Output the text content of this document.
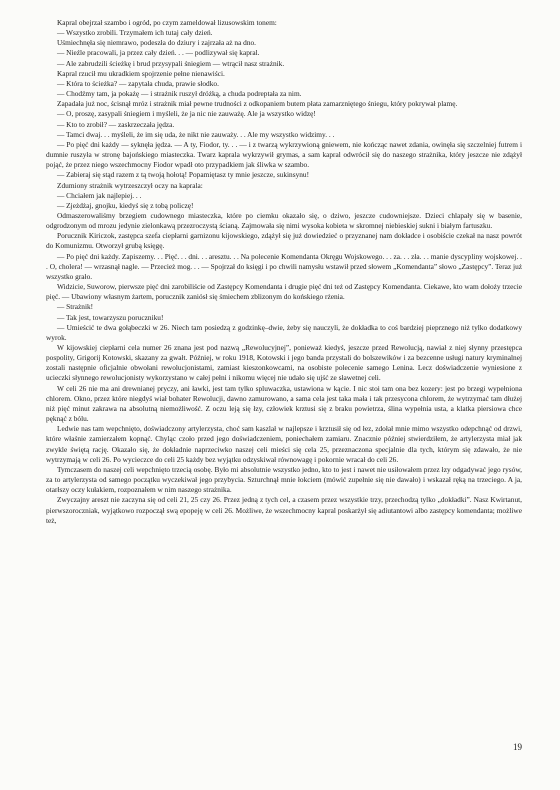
Kapral obejrzał szambo i ogród, po czym zameldował lizusowskim tonem:

— Wszystko zrobili. Trzymałem ich tutaj cały dzień.

Uśmiechnęła się niemrawo, podeszła do dziury i zajrzała aż na dno.

— Nieźle pracowali, ja przez cały dzień. . . — podlizywał się kapral.

— Ale zabrudzili ścieżkę i brud przysypali śniegiem — wtrącił nasz strażnik.

Kapral rzucił mu ukradkiem spojrzenie pełne nienawiści.

— Która to ścieżka? — zapytała chuda, prawie słodko.

— Chodźmy tam, ja pokażę — i strażnik ruszył dróżką, a chuda podreptała za nim.

Zapadała już noc, ścisnął mróz i strażnik miał pewne trudności z odkopaniem butem płata zamarzniętego śniegu, który pokrywał plamę.

— O, proszę, zasypali śniegiem i myśleli, że ja nic nie zauważę. Ale ja wszystko widzę!

— Kto to zrobił? — zaskrzeczała jędza.

— Tamci dwaj. . . myśleli, że im się uda, że nikt nie zauważy. . . Ale my wszystko widzimy. . .

— Po pięć dni każdy — syknęła jędza. — A ty, Fiodor, ty. . . — i z twarzą wykrzywioną gniewem, nie kończąc nawet zdania, owinęła się szczelniej futrem i dumnie ruszyła w stronę bajońskiego miasteczka. Twarz kaprala wykrzywił grymas, a sam kapral odwrócił się do naszego strażnika, który jeszcze nie zdążył pojąć, że przez niego wszechmocny Fiodor wpadł oto przypadkiem jak śliwka w szambo.

— Zabieraj się stąd razem z tą twoją hołotą! Popamiętasz ty mnie jeszcze, sukinsynu!

Zdumiony strażnik wytrzeszczył oczy na kaprala:

— Chciałem jak najlepiej. . .

— Zjeżdżaj, gnojku, kiedyś się z tobą policzę!

Odmaszerowaliśmy brzegiem cudownego miasteczka, które po ciemku okazało się, o dziwo, jeszcze cudowniejsze. Dzieci chlapały się w basenie, odgrodzonym od mrozu jedynie zielonkawą przezroczystą ścianą. Zajmowała się nimi wysoka kobieta w skromnej niebieskiej sukni i białym fartuszku.

Porucznik Kiriczok, zastępca szefa ciepłarni garnizonu kijowskiego, zdążył się już dowiedzieć o przyznanej nam dokładce i osobiście czekał na nasz powrót do Komunizmu. Otworzył grubą księgę.

— Po pięć dni każdy. Zapiszemy. . . Pięć. . . dni. . . aresztu. . . Na polecenie Komendanta Okręgu Wojskowego. . . za. . . zła. . . manie dyscypliny wojskowej. . . O, cholera! — wrzasnął nagle. — Przecież mog. . . — Spojrzał do księgi i po chwili namysłu wstawił przed słowem „Komendanta” słowo „Zastępcy”. Teraz już wszystko grało.

Widzicie, Suworow, pierwsze pięć dni zarobiliście od Zastępcy Komendanta i drugie pięć dni też od Zastępcy Komendanta. Ciekawe, kto wam dołoży trzecie pięć. — Ubawiony własnym żartem, porucznik zaniósł się śmiechem zblizonym do końskiego rżenia.

— Strażnik!

— Tak jest, towarzyszu poruczniku!

— Umieścić te dwa gołąbeczki w 26. Niech tam posiedzą z godzinkę–dwie, żeby się nauczyli, że dokładka to coś bardziej pieprznego niż tylko dodatkowy wyrok.

W kijowskiej ciepłarni cela numer 26 znana jest pod nazwą „Rewolucyjnej”, ponieważ kiedyś, jeszcze przed Rewolucją, nawiał z niej słynny przestępca pospolity, Grigorij Kotowski, skazany za gwałt. Później, w roku 1918, Kotowski i jego banda przystali do bolszewików i za bezcenne usługi natury kryminalnej zostali następnie oficjalnie obwołani rewolucjonistami, zamiast kieszonkowcami, na osobiste polecenie samego Lenina. Lecz doświadczenie wyniesione z ucieczki słynnego rewolucjonisty wykorzystano w całej pełni i nikomu więcej nie udało się ujść ze sławetnej celi.

W celi 26 nie ma ani drewnianej pryczy, ani ławki, jest tam tylko spluwaczka, ustawiona w kącie. I nic stoi tam ona bez kozery: jest po brzegi wypełniona chlorem. Okno, przez które niegdyś wiał bohater Rewolucji, dawno zamurowano, a sama cela jest taka mała i tak przesycona chlorem, że wytrzymać tam dłużej niż pięć minut zakrawa na absolutną niemożliwość. Z oczu leją się łzy, człowiek krztusi się z braku powietrza, ślina wypełnia usta, a klatka piersiowa chce pęknąć z bólu.

Ledwie nas tam wepchnięto, doświadczony artylerzysta, choć sam kaszlał w najlepsze i krztusił się od łez, zdołał mnie mimo wszystko odepchnąć od drzwi, które właśnie zamierzałem kopnąć. Chyląc czoło przed jego doświadczeniem, poniechałem zamiaru. Znacznie później stwierdziłem, że artylerzysta miał jak zwykle świętą rację. Okazało się, że dokładnie naprzeciwko naszej celi mieści się cela 25, przeznaczona specjalnie dla tych, którym się zdawało, że nie wytrzymają w celi 26. Po wycieczce do celi 25 każdy bez wyjątku odzyskiwał równowagę i pokornie wracał do celi 26.

Tymczasem do naszej celi wepchnięto trzecią osobę. Było mi absolutnie wszystko jedno, kto to jest i nawet nie usiłowałem przez łzy odgadywać jego rysów, za to artylerzysta od samego początku wyczekiwał jego przybycia. Szturchnął mnie łokciem (mówić zupełnie się nie dawało) i wskazał ręką na trzeciego. A ja, otarłszy oczy kułakiem, rozpoznałem w nim naszego strażnika.

Zwyczajny areszt nie zaczyna się od celi 21, 25 czy 26. Przez jedną z tych cel, a czasem przez wszystkie trzy, przechodzą tylko „dokładki”. Nasz Kwirtanut, pierwszoroczniak, wyjątkowo rozpoczął swą epopeję w celi 26. Możliwe, że wszechmocny kapral poskarżył się adiutantowi albo zastępcy komendanta; możliwe też,

19
